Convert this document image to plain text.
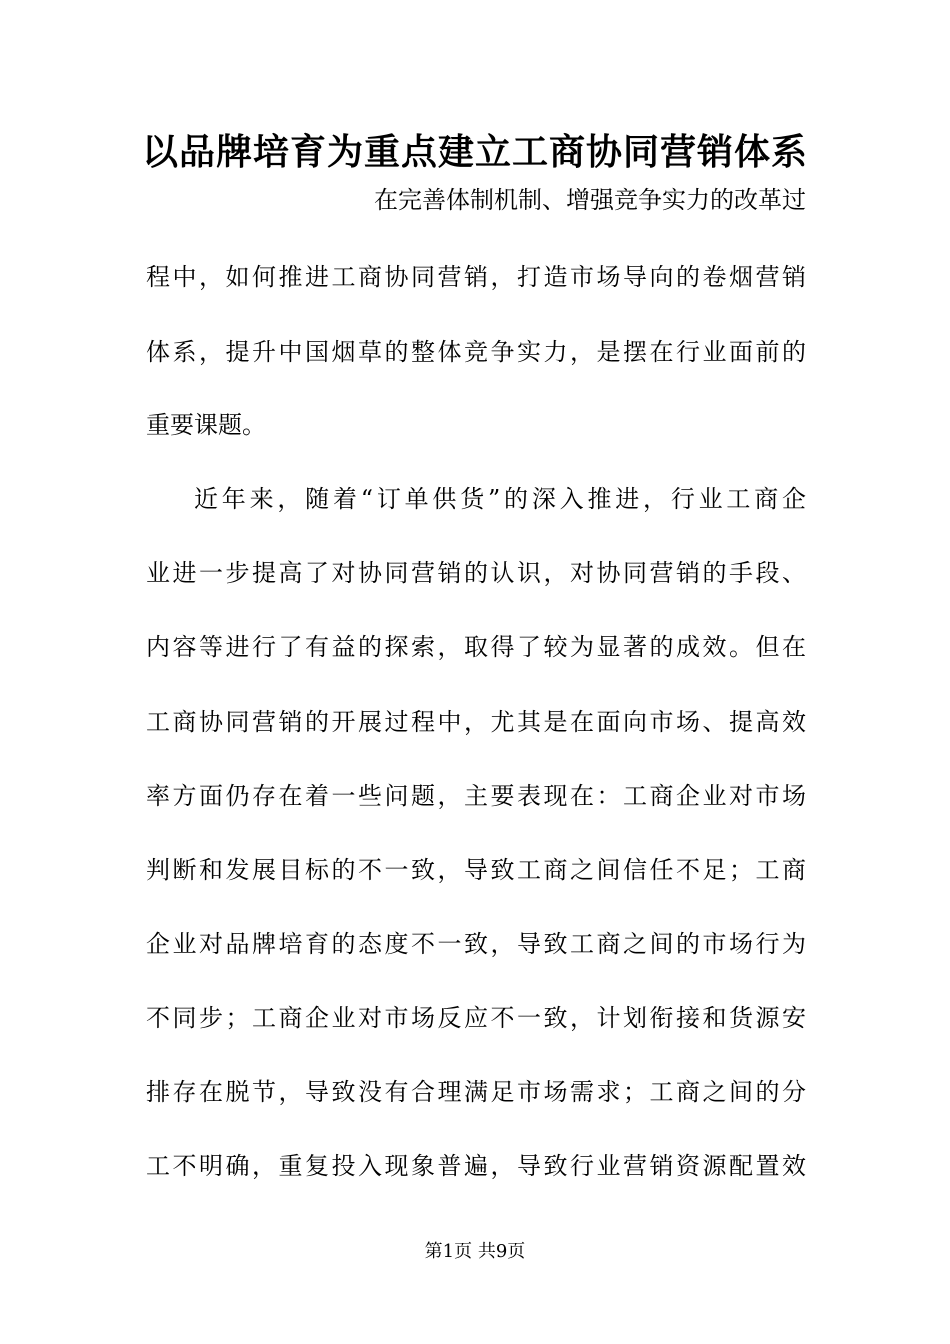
以品牌培育为重点建立工商协同营销体系
在完善体制机制、增强竞争实力的改革过
程中，如何推进工商协同营销，打造市场导向的卷烟营销
体系，提升中国烟草的整体竞争实力，是摆在行业面前的
重要课题。
近年来，随着“订单供货”的深入推进，行业工商企
业进一步提高了对协同营销的认识，对协同营销的手段、
内容等进行了有益的探索，取得了较为显著的成效。但在
工商协同营销的开展过程中，尤其是在面向市场、提高效
率方面仍存在着一些问题，主要表现在：工商企业对市场
判断和发展目标的不一致，导致工商之间信任不足；工商
企业对品牌培育的态度不一致，导致工商之间的市场行为
不同步；工商企业对市场反应不一致，计划衔接和货源安
排存在脱节，导致没有合理满足市场需求；工商之间的分
工不明确，重复投入现象普遍，导致行业营销资源配置效
第1页 共9页
